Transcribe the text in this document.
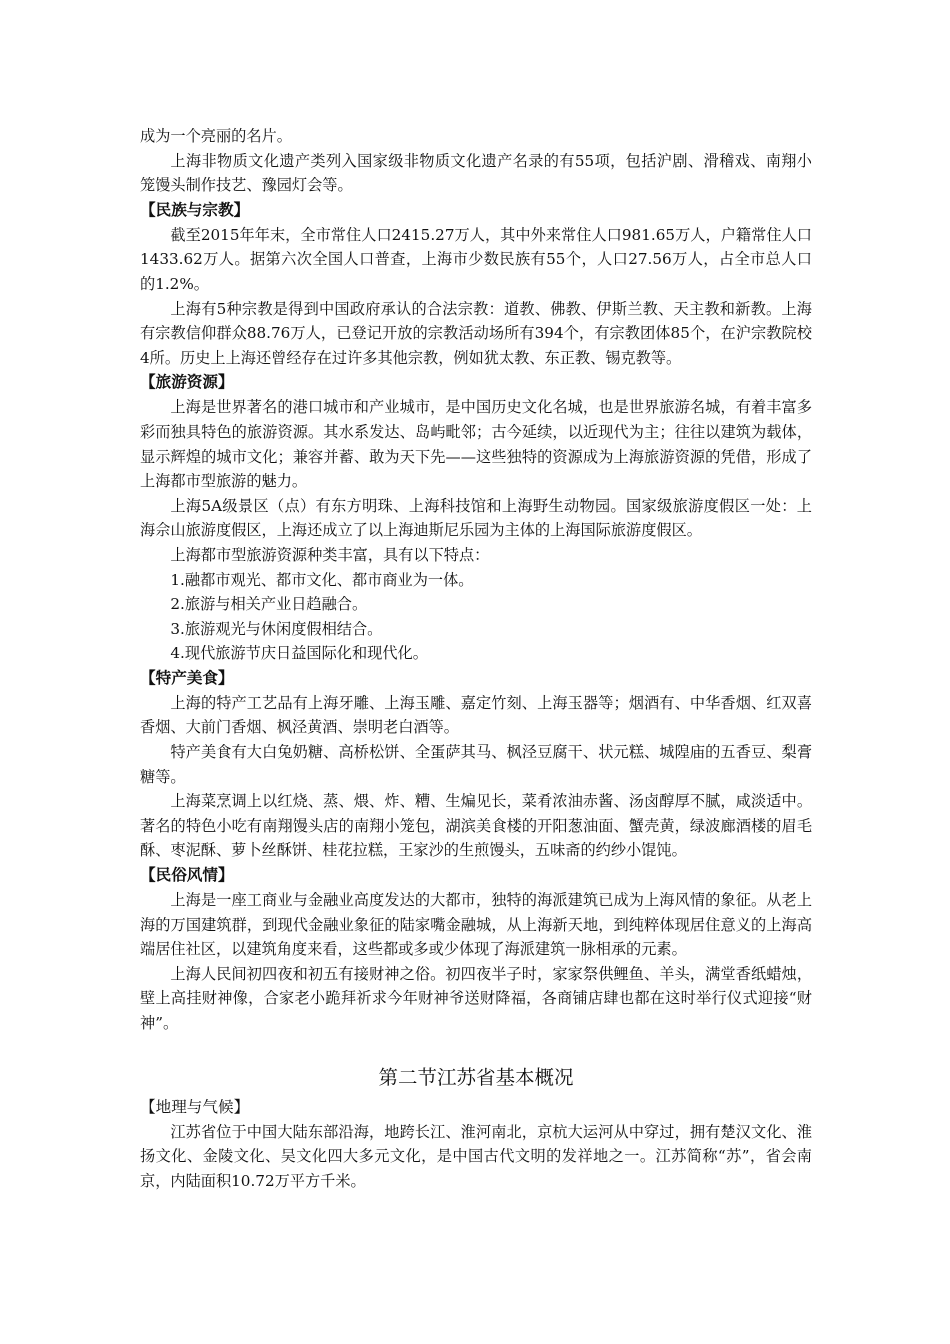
成为一个亮丽的名片。

上海非物质文化遗产类列入国家级非物质文化遗产名录的有55项，包括沪剧、滑稽戏、南翔小笼馒头制作技艺、豫园灯会等。

【民族与宗教】

截至2015年年末，全市常住人口2415.27万人，其中外来常住人口981.65万人，户籍常住人口1433.62万人。据第六次全国人口普查，上海市少数民族有55个，人口27.56万人，占全市总人口的1.2%。

上海有5种宗教是得到中国政府承认的合法宗教：道教、佛教、伊斯兰教、天主教和新教。上海有宗教信仰群众88.76万人，已登记开放的宗教活动场所有394个，有宗教团体85个，在沪宗教院校4所。历史上上海还曾经存在过许多其他宗教，例如犹太教、东正教、锡克教等。

【旅游资源】

上海是世界著名的港口城市和产业城市，是中国历史文化名城，也是世界旅游名城，有着丰富多彩而独具特色的旅游资源。其水系发达、岛屿毗邻；古今延续，以近现代为主；往往以建筑为载体，显示辉煌的城市文化；兼容并蓄、敢为天下先——这些独特的资源成为上海旅游资源的凭借，形成了上海都市型旅游的魅力。

上海5A级景区（点）有东方明珠、上海科技馆和上海野生动物园。国家级旅游度假区一处：上海佘山旅游度假区，上海还成立了以上海迪斯尼乐园为主体的上海国际旅游度假区。

上海都市型旅游资源种类丰富，具有以下特点：

1.融都市观光、都市文化、都市商业为一体。

2.旅游与相关产业日趋融合。

3.旅游观光与休闲度假相结合。

4.现代旅游节庆日益国际化和现代化。

【特产美食】

上海的特产工艺品有上海牙雕、上海玉雕、嘉定竹刻、上海玉器等；烟酒有、中华香烟、红双喜香烟、大前门香烟、枫泾黄酒、崇明老白酒等。

特产美食有大白兔奶糖、高桥松饼、全蛋萨其马、枫泾豆腐干、状元糕、城隍庙的五香豆、梨膏糖等。

上海菜烹调上以红烧、蒸、煨、炸、糟、生煸见长，菜肴浓油赤酱、汤卤醇厚不腻，咸淡适中。著名的特色小吃有南翔馒头店的南翔小笼包，湖滨美食楼的开阳葱油面、蟹壳黄，绿波廊酒楼的眉毛酥、枣泥酥、萝卜丝酥饼、桂花拉糕，王家沙的生煎馒头，五味斋的约纱小馄饨。

【民俗风情】

上海是一座工商业与金融业高度发达的大都市，独特的海派建筑已成为上海风情的象征。从老上海的万国建筑群，到现代金融业象征的陆家嘴金融城，从上海新天地，到纯粹体现居住意义的上海高端居住社区，以建筑角度来看，这些都或多或少体现了海派建筑一脉相承的元素。

上海人民间初四夜和初五有接财神之俗。初四夜半子时，家家祭供鲤鱼、羊头，满堂香纸蜡烛，壁上高挂财神像，合家老小跪拜祈求今年财神爷送财降福，各商铺店肆也都在这时举行仪式迎接“财神”。

第二节江苏省基本概况

【地理与气候】

江苏省位于中国大陆东部沿海，地跨长江、淮河南北，京杭大运河从中穿过，拥有楚汉文化、淮扬文化、金陵文化、吴文化四大多元文化，是中国古代文明的发祥地之一。江苏简称“苏”，省会南京，内陆面积10.72万平方千米。
